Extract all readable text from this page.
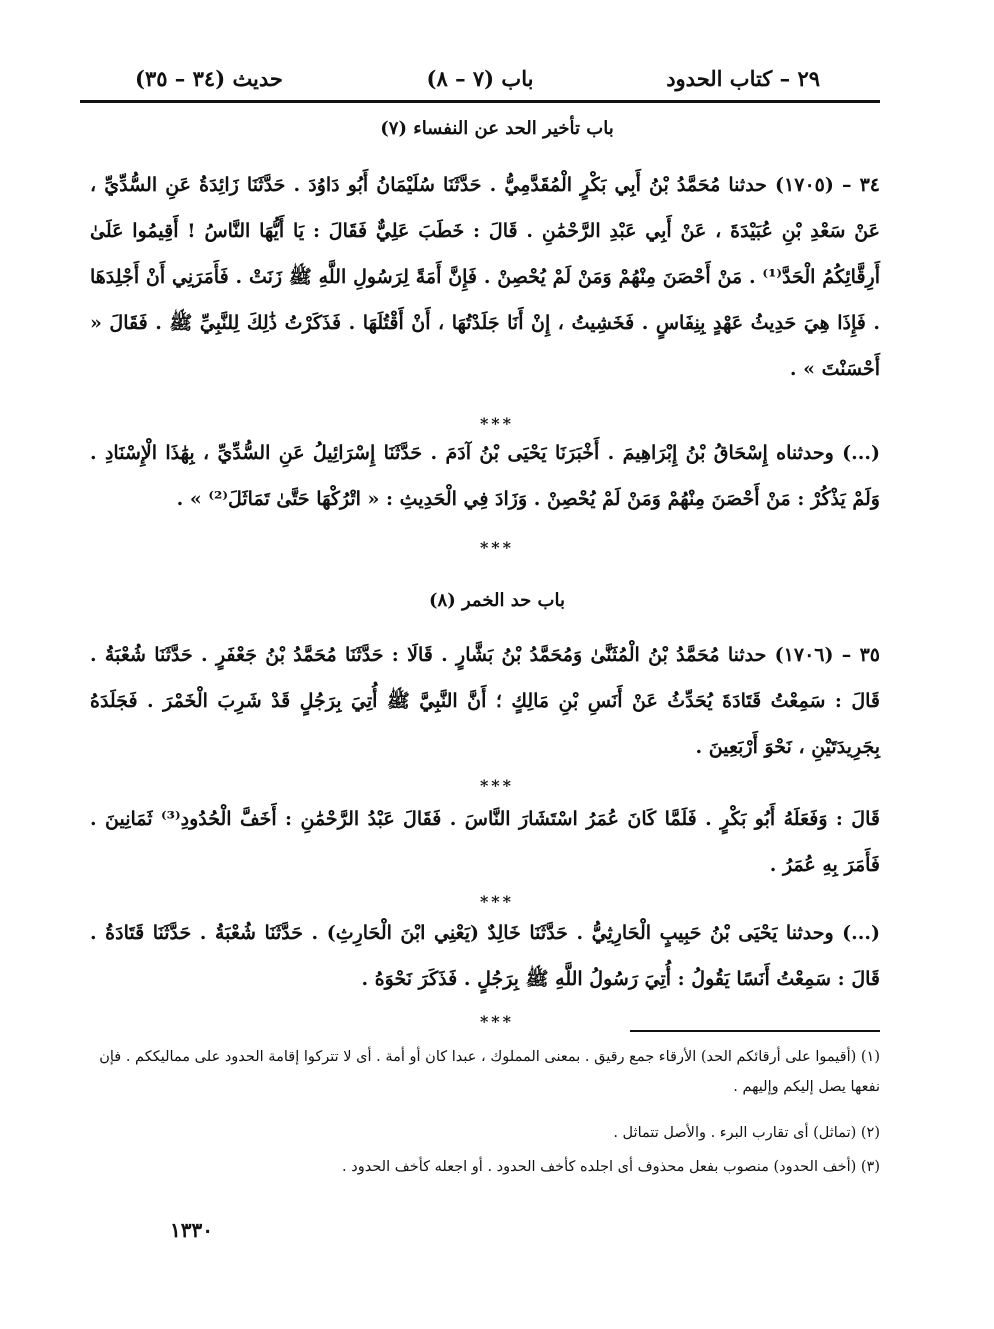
٢٩ – كتاب الحدود
(٧ – ٨) باب
(٣٤ – ٣٥) حديث
(٧) باب تأخير الحد عن النفساء
٣٤ – (١٧٠٥) حدثنا مُحَمَّدُ بْنُ أَبِي بَكْرٍ الْمُقَدَّمِيُّ . حَدَّثَنَا سُلَيْمَانُ أَبُو دَاوُدَ . حَدَّثَنَا زَائِدَةُ عَنِ السُّدِّيِّ ، عَنْ سَعْدِ بْنِ عُبَيْدَةَ ، عَنْ أَبِي عَبْدِ الرَّحْمَٰنِ . قَالَ : خَطَبَ عَلِيٌّ فَقَالَ : يَا أَيُّهَا النَّاسُ ! أَقِيمُوا عَلَىٰ أَرِقَّائِكُمُ الْحَدَّ⁽¹⁾ . مَنْ أَحْصَنَ مِنْهُمْ وَمَنْ لَمْ يُحْصِنْ . فَإِنَّ أَمَةً لِرَسُولِ اللَّهِ ﷺ زَنَتْ . فَأَمَرَنِي أَنْ أَجْلِدَهَا . فَإِذَا هِيَ حَدِيثُ عَهْدٍ بِنِفَاسٍ . فَخَشِيتُ ، إِنْ أَنَا جَلَدْتُهَا ، أَنْ أَقْتُلَهَا . فَذَكَرْتُ ذَٰلِكَ لِلنَّبِيِّ ﷺ . فَقَالَ « أَحْسَنْتَ » .
***
(...) وحدثناه إِسْحَاقُ بْنُ إِبْرَاهِيمَ . أَخْبَرَنَا يَحْيَى بْنُ آدَمَ . حَدَّثَنَا إِسْرَائِيلُ عَنِ السُّدِّيِّ ، بِهَٰذَا الْإِسْنَادِ . وَلَمْ يَذْكُرْ : مَنْ أَحْصَنَ مِنْهُمْ وَمَنْ لَمْ يُحْصِنْ . وَزَادَ فِي الْحَدِيثِ : « اتْرُكْهَا حَتَّىٰ تَمَاثَلَ⁽²⁾ » .
***
(٨) باب حد الخمر
٣٥ – (١٧٠٦) حدثنا مُحَمَّدُ بْنُ الْمُثَنَّىٰ وَمُحَمَّدُ بْنُ بَشَّارٍ . قَالَا : حَدَّثَنَا مُحَمَّدُ بْنُ جَعْفَرٍ . حَدَّثَنَا شُعْبَةُ . قَالَ : سَمِعْتُ قَتَادَةَ يُحَدِّثُ عَنْ أَنَسِ بْنِ مَالِكٍ ؛ أَنَّ النَّبِيَّ ﷺ أُتِيَ بِرَجُلٍ قَدْ شَرِبَ الْخَمْرَ . فَجَلَدَهُ بِجَرِيدَتَيْنِ ، نَحْوَ أَرْبَعِينَ .
***
قَالَ : وَفَعَلَهُ أَبُو بَكْرٍ . فَلَمَّا كَانَ عُمَرُ اسْتَشَارَ النَّاسَ . فَقَالَ عَبْدُ الرَّحْمَٰنِ : أَخَفَّ الْحُدُودِ⁽³⁾ ثَمَانِينَ . فَأَمَرَ بِهِ عُمَرُ .
***
(...) وحدثنا يَحْيَى بْنُ حَبِيبٍ الْحَارِثِيُّ . حَدَّثَنَا خَالِدٌ (يَعْنِي ابْنَ الْحَارِثِ) . حَدَّثَنَا شُعْبَةُ . حَدَّثَنَا قَتَادَةُ . قَالَ : سَمِعْتُ أَنَسًا يَقُولُ : أُتِيَ رَسُولُ اللَّهِ ﷺ بِرَجُلٍ . فَذَكَرَ نَحْوَهُ .
***
(١) (أقيموا على أرقائكم الحد) الأرقاء جمع رقيق . بمعنى المملوك ، عبدا كان أو أمة . أى لا تتركوا إقامة الحدود على مماليككم . فإن نفعها يصل إليكم وإليهم .
(٢) (تماثل) أى تقارب البرء . والأصل تتماثل .
(٣) (أخف الحدود) منصوب بفعل محذوف أى اجلده كأخف الحدود . أو اجعله كأخف الحدود .
١٣٣٠
